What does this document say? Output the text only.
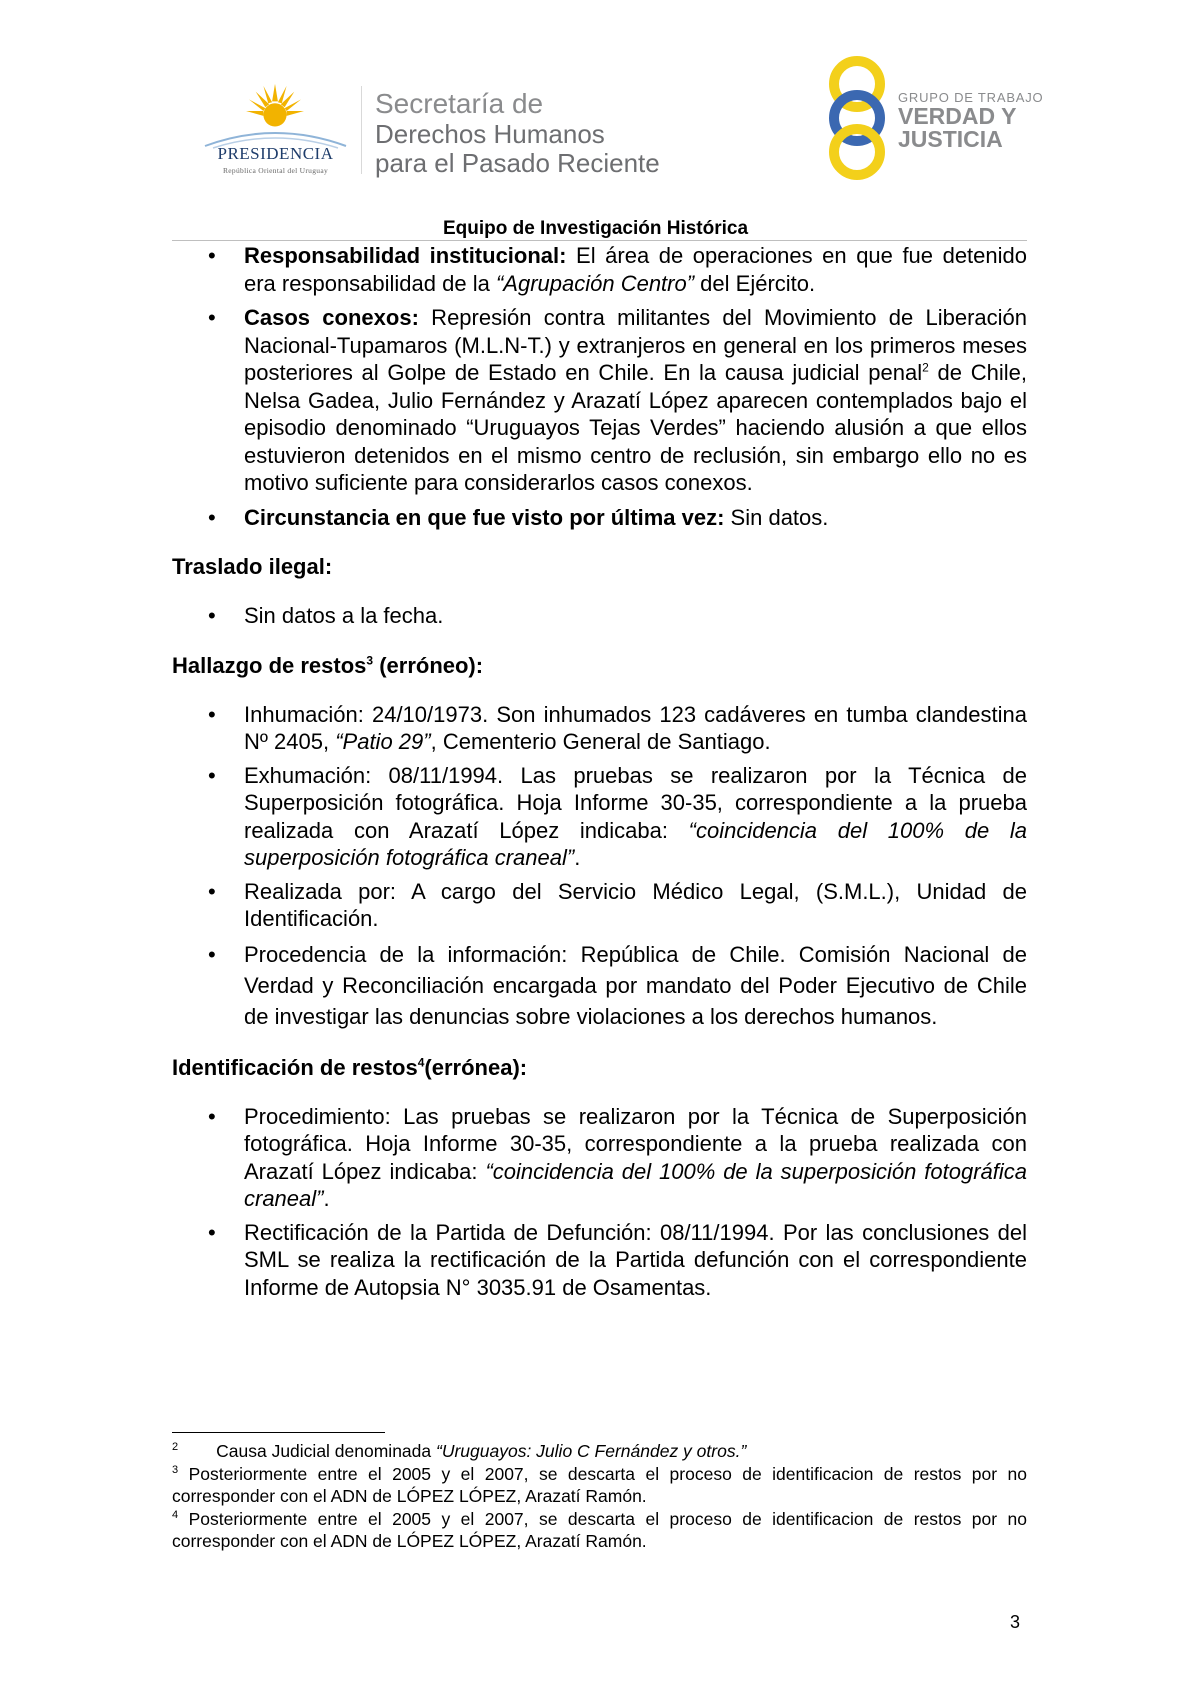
PRESIDENCIA
República Oriental del Uruguay
Secretaría de
Derechos Humanos
para el Pasado Reciente
GRUPO DE TRABAJO
VERDAD Y
JUSTICIA
Equipo de Investigación Histórica
• Responsabilidad institucional: El área de operaciones en que fue detenido era responsabilidad de la “Agrupación Centro” del Ejército.
• Casos conexos: Represión contra militantes del Movimiento de Liberación Nacional-Tupamaros (M.L.N-T.) y extranjeros en general en los primeros meses posteriores al Golpe de Estado en Chile. En la causa judicial penal$^2$ de Chile, Nelsa Gadea, Julio Fernández y Arazatí López aparecen contemplados bajo el episodio denominado “Uruguayos Tejas Verdes” haciendo alusión a que ellos estuvieron detenidos en el mismo centro de reclusión, sin embargo ello no es motivo suficiente para considerarlos casos conexos.
• Circunstancia en que fue visto por última vez: Sin datos.
Traslado ilegal:
• Sin datos a la fecha.
Hallazgo de restos$^3$ (erróneo):
• Inhumación: 24/10/1973. Son inhumados 123 cadáveres en tumba clandestina Nº 2405, “Patio 29”, Cementerio General de Santiago.
• Exhumación: 08/11/1994. Las pruebas se realizaron por la Técnica de Superposición fotográfica. Hoja Informe 30-35, correspondiente a la prueba realizada con Arazatí López indicaba: “coincidencia del 100% de la superposición fotográfica craneal”.
• Realizada por: A cargo del Servicio Médico Legal, (S.M.L.), Unidad de Identificación.
• Procedencia de la información: República de Chile. Comisión Nacional de Verdad y Reconciliación encargada por mandato del Poder Ejecutivo de Chile de investigar las denuncias sobre violaciones a los derechos humanos.
Identificación de restos$^4$(errónea):
• Procedimiento: Las pruebas se realizaron por la Técnica de Superposición fotográfica. Hoja Informe 30-35, correspondiente a la prueba realizada con Arazatí López indicaba: “coincidencia del 100% de la superposición fotográfica craneal”.
• Rectificación de la Partida de Defunción: 08/11/1994. Por las conclusiones del SML se realiza la rectificación de la Partida defunción con el correspondiente Informe de Autopsia N° 3035.91 de Osamentas.
$^2$ Causa Judicial denominada “Uruguayos: Julio C Fernández y otros.”
$^3$ Posteriormente entre el 2005 y el 2007, se descarta el proceso de identificacion de restos por no corresponder con el ADN de LÓPEZ LÓPEZ, Arazatí Ramón.
$^4$ Posteriormente entre el 2005 y el 2007, se descarta el proceso de identificacion de restos por no corresponder con el ADN de LÓPEZ LÓPEZ, Arazatí Ramón.
3
